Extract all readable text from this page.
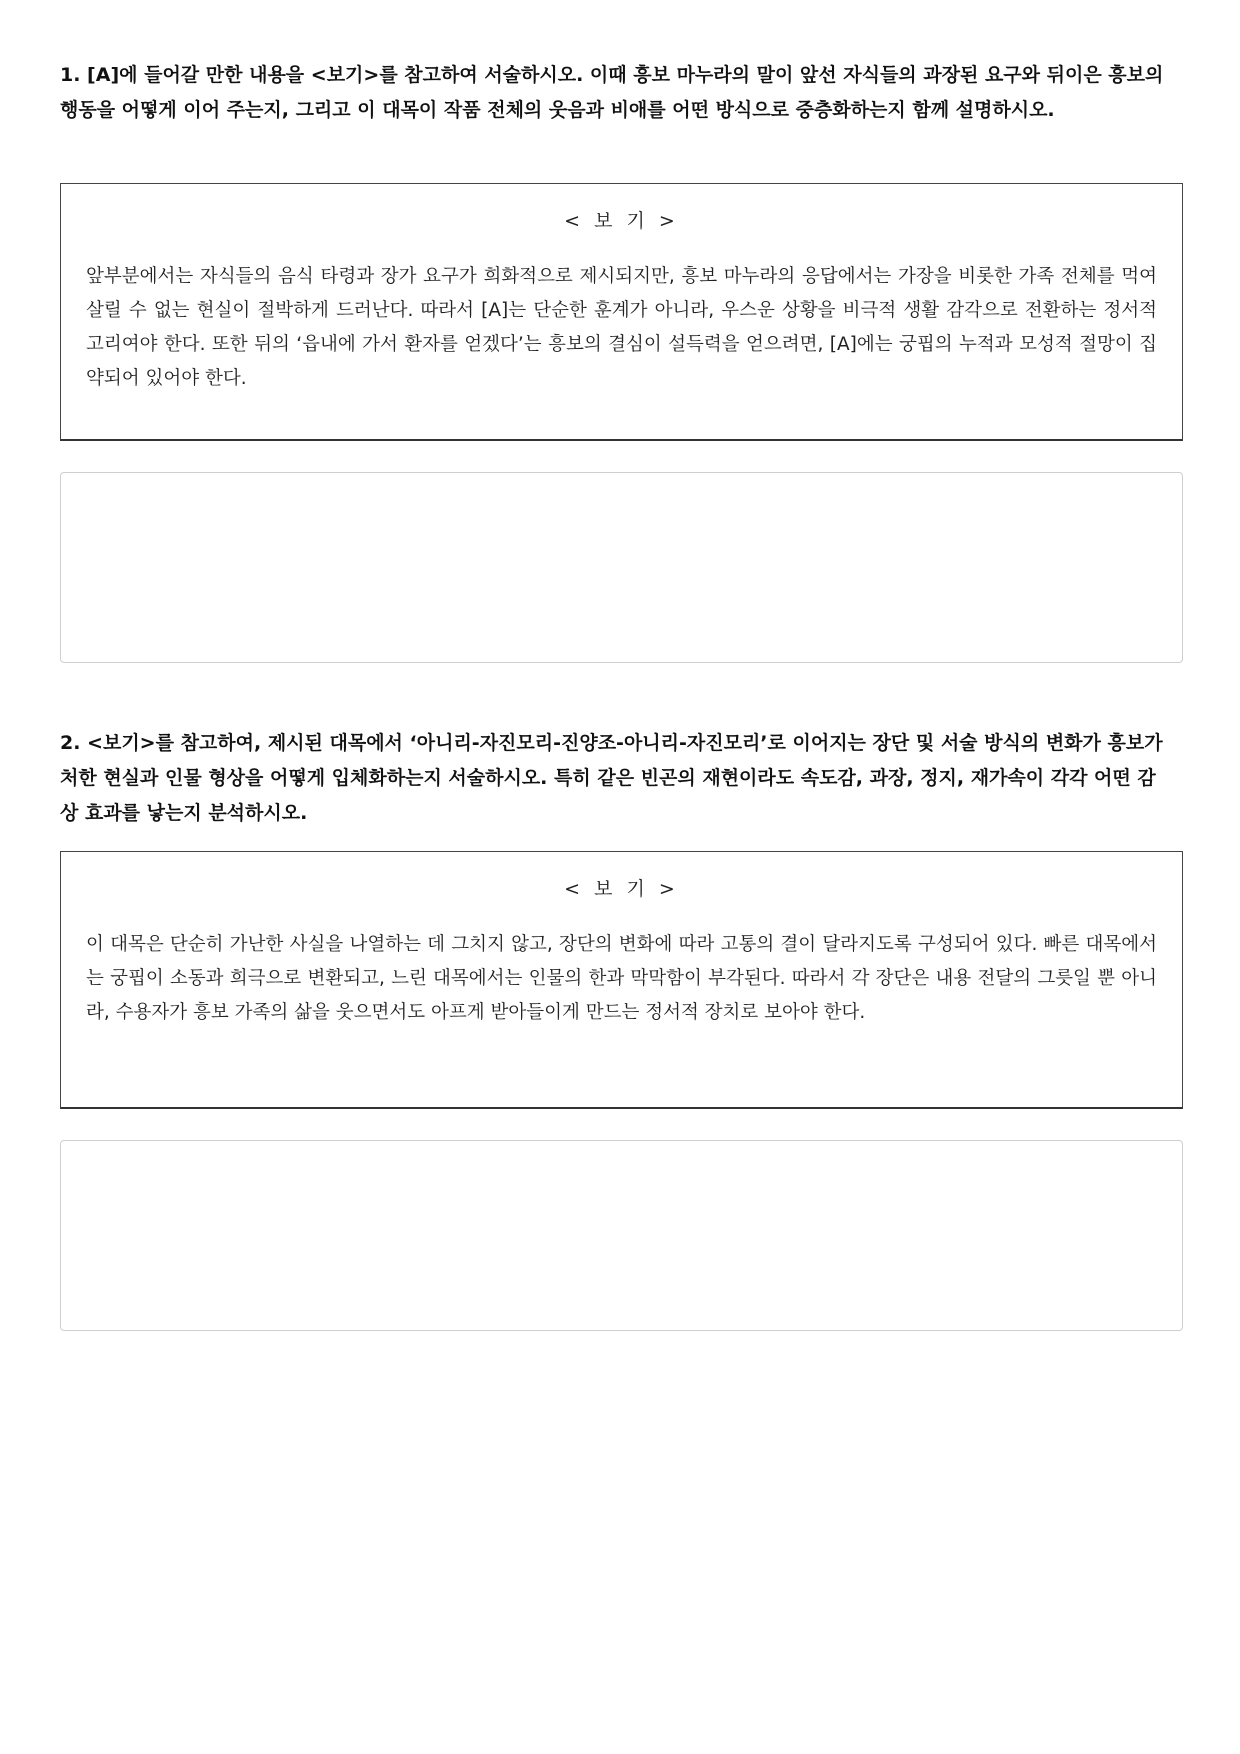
1. [A]에 들어갈 만한 내용을 <보기>를 참고하여 서술하시오. 이때 흥보 마누라의 말이 앞선 자식들의 과장된 요구와 뒤이은 흥보의 행동을 어떻게 이어 주는지, 그리고 이 대목이 작품 전체의 웃음과 비애를 어떤 방식으로 중층화하는지 함께 설명하시오.

< 보 기 >

앞부분에서는 자식들의 음식 타령과 장가 요구가 희화적으로 제시되지만, 흥보 마누라의 응답에서는 가장을 비롯한 가족 전체를 먹여 살릴 수 없는 현실이 절박하게 드러난다. 따라서 [A]는 단순한 훈계가 아니라, 우스운 상황을 비극적 생활 감각으로 전환하는 정서적 고리여야 한다. 또한 뒤의 ‘읍내에 가서 환자를 얻겠다’는 흥보의 결심이 설득력을 얻으려면, [A]에는 궁핍의 누적과 모성적 절망이 집약되어 있어야 한다.

2. <보기>를 참고하여, 제시된 대목에서 ‘아니리-자진모리-진양조-아니리-자진모리’로 이어지는 장단 및 서술 방식의 변화가 흥보가 처한 현실과 인물 형상을 어떻게 입체화하는지 서술하시오. 특히 같은 빈곤의 재현이라도 속도감, 과장, 정지, 재가속이 각각 어떤 감상 효과를 낳는지 분석하시오.

< 보 기 >

이 대목은 단순히 가난한 사실을 나열하는 데 그치지 않고, 장단의 변화에 따라 고통의 결이 달라지도록 구성되어 있다. 빠른 대목에서는 궁핍이 소동과 희극으로 변환되고, 느린 대목에서는 인물의 한과 막막함이 부각된다. 따라서 각 장단은 내용 전달의 그릇일 뿐 아니라, 수용자가 흥보 가족의 삶을 웃으면서도 아프게 받아들이게 만드는 정서적 장치로 보아야 한다.
